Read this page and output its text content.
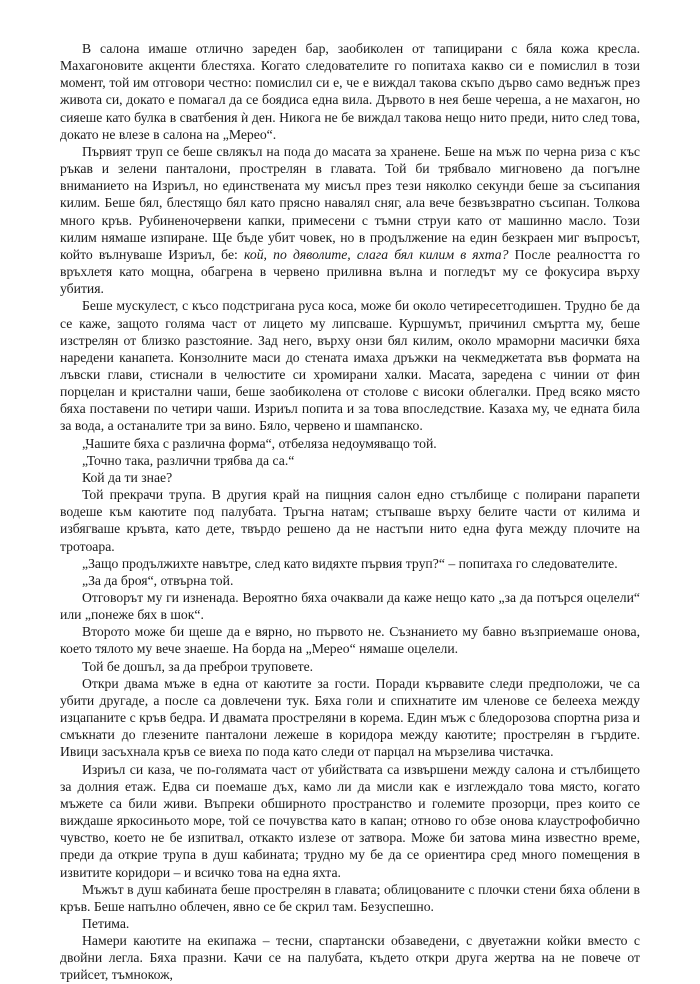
В салона имаше отлично зареден бар, заобиколен от тапицирани с бяла кожа кресла. Махагоновите акценти блестяха. Когато следователите го попитаха какво си е помислил в този момент, той им отговори честно: помислил си е, че е виждал такова скъпо дърво само веднъж през живота си, докато е помагал да се боядиса една вила. Дървото в нея беше череша, а не махагон, но сияеше като булка в сватбения ѝ ден. Никога не бе виждал такова нещо нито преди, нито след това, докато не влезе в салона на „Мерео“.

Първият труп се беше свлякъл на пода до масата за хранене. Беше на мъж по черна риза с къс ръкав и зелени панталони, прострелян в главата. Той би трябвало мигновено да погълне вниманието на Изриъл, но единствената му мисъл през тези няколко секунди беше за съсипания килим. Беше бял, блестящо бял като прясно навалял сняг, ала вече безвъзвратно съсипан. Толкова много кръв. Рубиненочервени капки, примесени с тъмни струи като от машинно масло. Този килим нямаше изпиране. Ще бъде убит човек, но в продължение на един безкраен миг въпросът, който вълнуваше Изриъл, бе: кой, по дяволите, слага бял килим в яхта? После реалността го връхлетя като мощна, обагрена в червено приливна вълна и погледът му се фокусира върху убития.

Беше мускулест, с късо подстригана руса коса, може би около четиресетгодишен. Трудно бе да се каже, защото голяма част от лицето му липсваше. Куршумът, причинил смъртта му, беше изстрелян от близко разстояние. Зад него, върху онзи бял килим, около мраморни масички бяха наредени канапета. Конзолните маси до стената имаха дръжки на чекмеджетата във формата на лъвски глави, стиснали в челюстите си хромирани халки. Масата, заредена с чинии от фин порцелан и кристални чаши, беше заобиколена от столове с високи облегалки. Пред всяко място бяха поставени по четири чаши. Изриъл попита и за това впоследствие. Казаха му, че едната била за вода, а останалите три за вино. Бяло, червено и шампанско.

„Чашите бяха с различна форма“, отбеляза недоумяващо той.

„Точно така, различни трябва да са.“

Кой да ти знае?

Той прекрачи трупа. В другия край на пищния салон едно стълбище с полирани парапети водеше към каютите под палубата. Тръгна натам; стъпваше върху белите части от килима и избягваше кръвта, като дете, твърдо решено да не настъпи нито една фуга между плочите на тротоара.

„Защо продължихте навътре, след като видяхте първия труп?“ – попитаха го следователите.

„За да броя“, отвърна той.

Отговорът му ги изненада. Вероятно бяха очаквали да каже нещо като „за да потърся оцелели“ или „понеже бях в шок“.

Второто може би щеше да е вярно, но първото не. Съзнанието му бавно възприемаше онова, което тялото му вече знаеше. На борда на „Мерео“ нямаше оцелели.

Той бе дошъл, за да преброи труповете.

Откри двама мъже в една от каютите за гости. Поради кървавите следи предположи, че са убити другаде, а после са довлечени тук. Бяха голи и спихнатите им членове се белееха между изцапаните с кръв бедра. И двамата простреляни в корема. Един мъж с бледорозова спортна риза и смъкнати до глезените панталони лежеше в коридора между каютите; прострелян в гърдите. Ивици засъхнала кръв се виеха по пода като следи от парцал на мързелива чистачка.

Изриъл си каза, че по-голямата част от убийствата са извършени между салона и стълбището за долния етаж. Едва си поемаше дъх, камо ли да мисли как е изглеждало това място, когато мъжете са били живи. Въпреки обширното пространство и големите прозорци, през които се виждаше яркосиньото море, той се почувства като в капан; отново го обзе онова клаустрофобично чувство, което не бе изпитвал, откакто излезе от затвора. Може би затова мина известно време, преди да открие трупа в душ кабината; трудно му бе да се ориентира сред много помещения в извитите коридори – и всичко това на една яхта.

Мъжът в душ кабината беше прострелян в главата; облицованите с плочки стени бяха облени в кръв. Беше напълно облечен, явно се бе скрил там. Безуспешно.

Петима.

Намери каютите на екипажа – тесни, спартански обзаведени, с двуетажни койки вместо с двойни легла. Бяха празни. Качи се на палубата, където откри друга жертва на не повече от трийсет, тъмнокож,
